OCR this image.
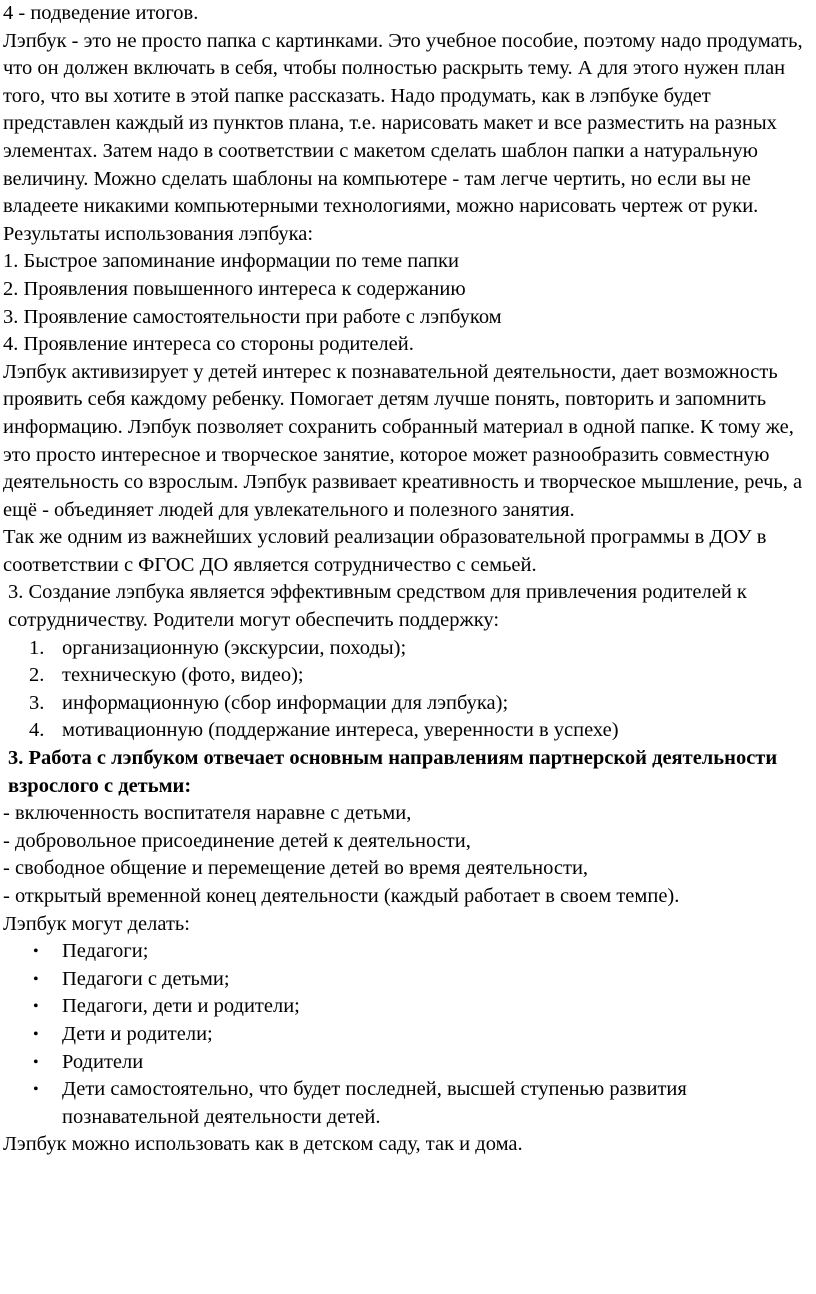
4 - подведение итогов.

Лэпбук - это не просто папка с картинками. Это учебное пособие, поэтому надо продумать, что он должен включать в себя, чтобы полностью раскрыть тему. А для этого нужен план того, что вы хотите в этой папке рассказать. Надо продумать, как в лэпбуке будет представлен каждый из пунктов плана, т.е. нарисовать макет и все разместить на разных элементах. Затем надо в соответствии с макетом сделать шаблон папки а натуральную величину. Можно сделать шаблоны на компьютере - там легче чертить, но если вы не владеете никакими компьютерными технологиями, можно нарисовать чертеж от руки.

Результаты использования лэпбука:

1. Быстрое запоминание информации по теме папки

2. Проявления повышенного интереса к содержанию

3. Проявление самостоятельности при работе с лэпбуком

4. Проявление интереса со стороны родителей.

Лэпбук активизирует у детей интерес к познавательной деятельности, дает возможность проявить себя каждому ребенку. Помогает детям лучше понять, повторить и запомнить информацию. Лэпбук позволяет сохранить собранный материал в одной папке. К тому же, это просто интересное и творческое занятие, которое может разнообразить совместную деятельность со взрослым. Лэпбук развивает креативность и творческое мышление, речь, а ещё - объединяет людей для увлекательного и полезного занятия.

Так же одним из важнейших условий реализации образовательной программы в ДОУ в соответствии с ФГОС ДО является сотрудничество с семьей.

3. Создание лэпбука является эффективным средством для привлечения родителей к сотрудничеству. Родители могут обеспечить поддержку:

1. организационную (экскурсии, походы);
2. техническую (фото, видео);
3. информационную (сбор информации для лэпбука);
4. мотивационную (поддержание интереса, уверенности в успехе)

3. Работа с лэпбуком отвечает основным направлениям партнерской деятельности взрослого с детьми:

- включенность воспитателя наравне с детьми,

- добровольное присоединение детей к деятельности,

- свободное общение и перемещение детей во время деятельности,

- открытый временной конец деятельности (каждый работает в своем темпе).

Лэпбук могут делать:

• Педагоги;
• Педагоги с детьми;
• Педагоги, дети и родители;
• Дети и родители;
• Родители
• Дети самостоятельно, что будет последней, высшей ступенью развития познавательной деятельности детей.

Лэпбук можно использовать как в детском саду, так и дома.
